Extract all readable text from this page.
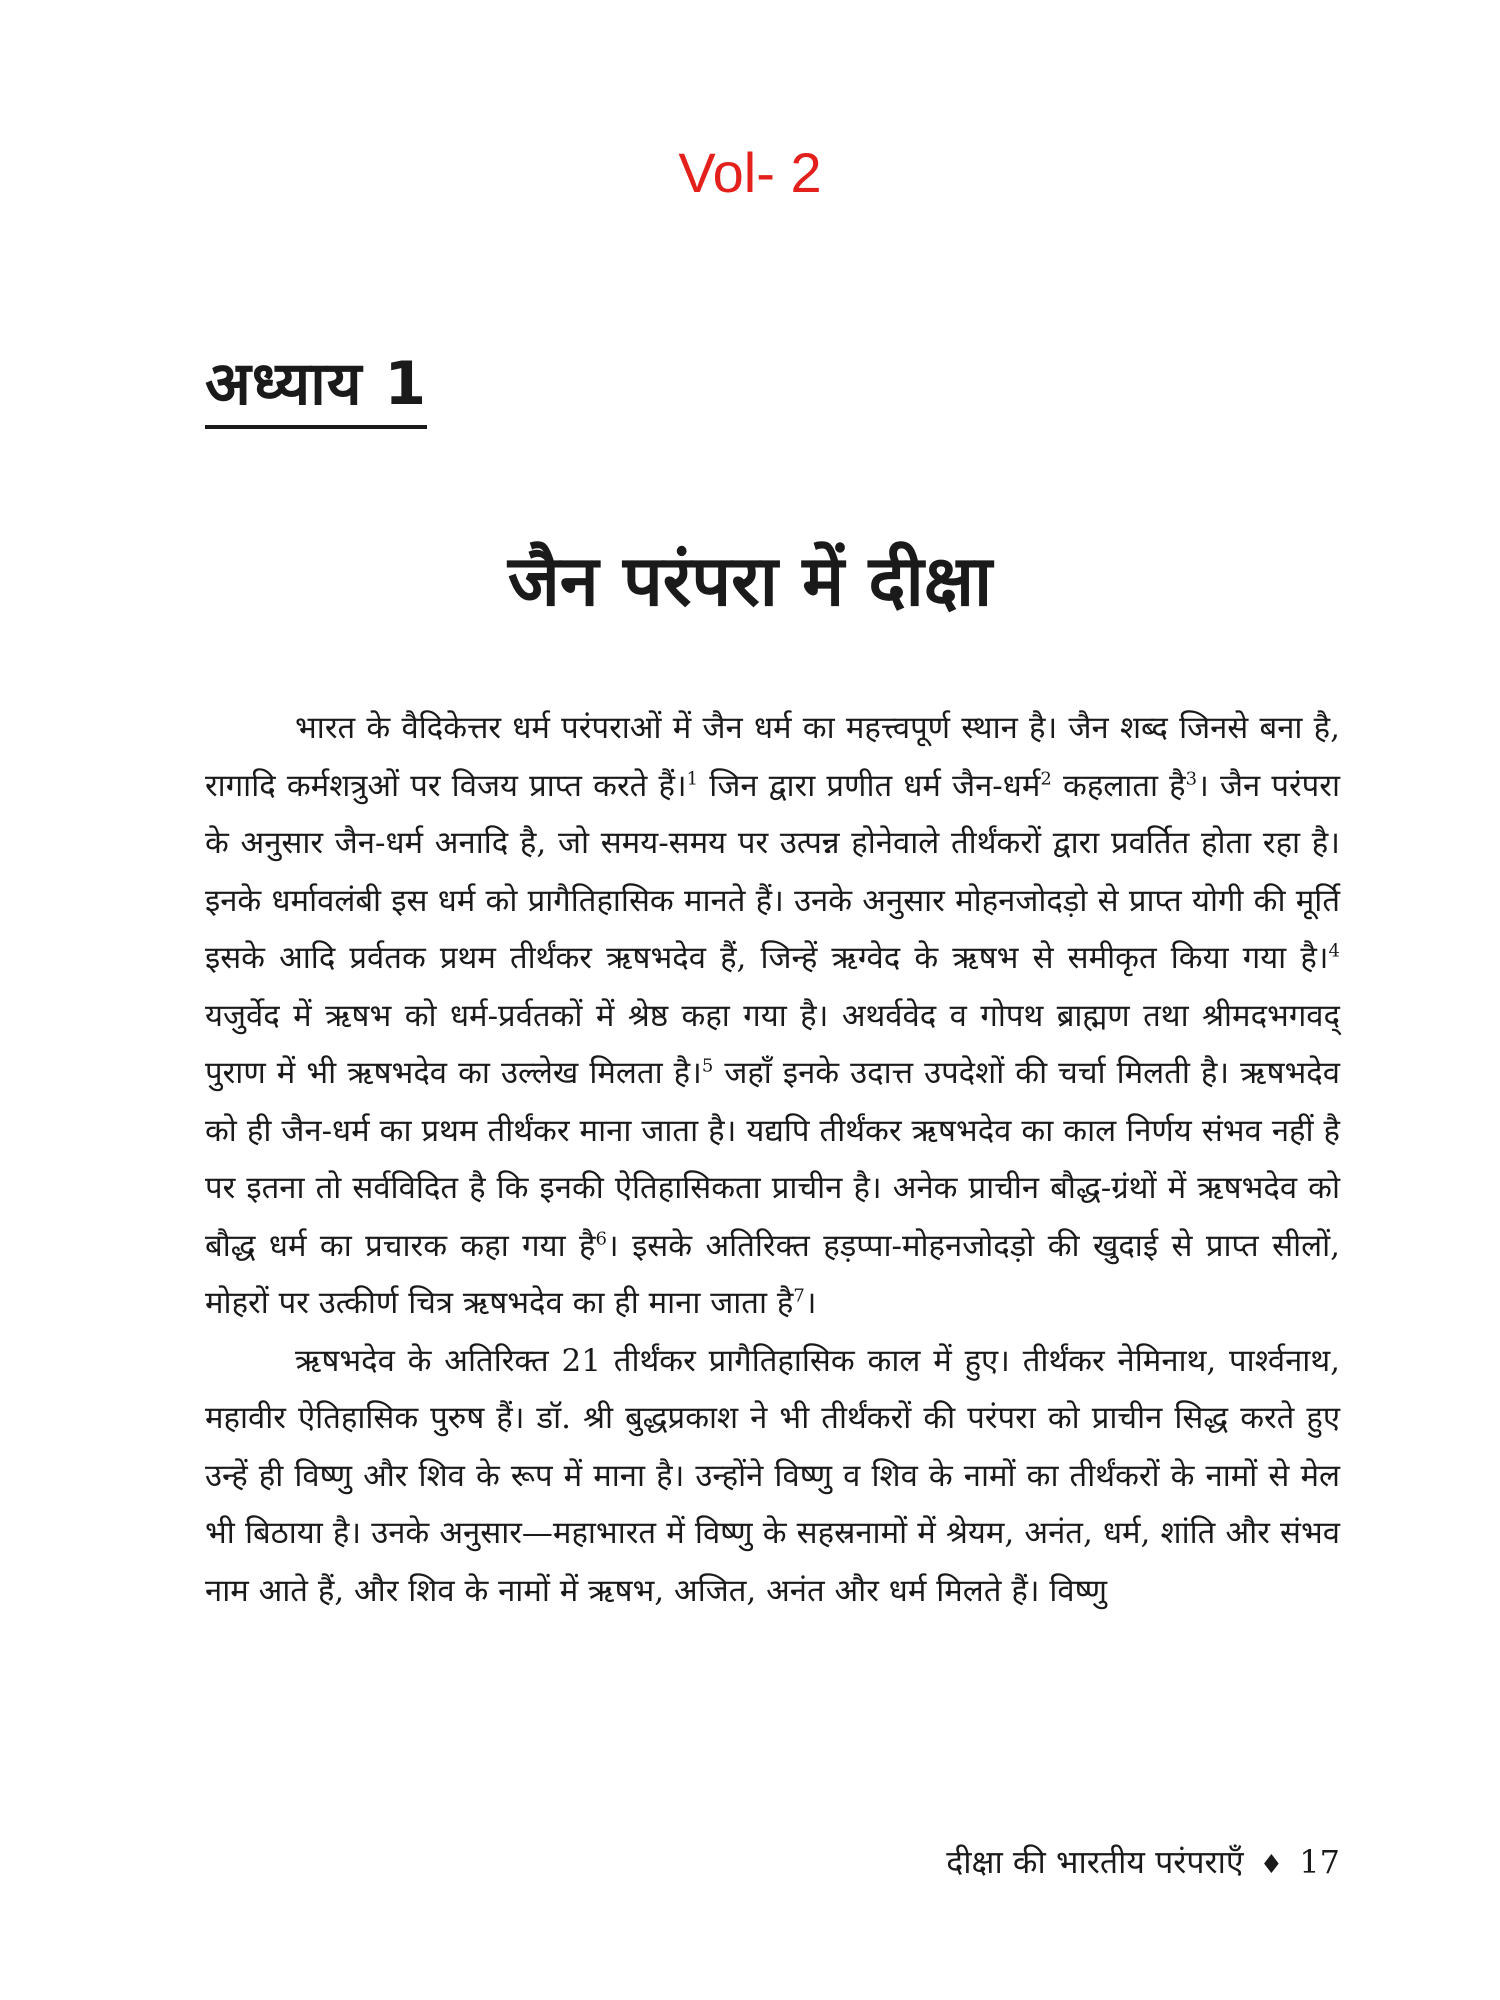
Vol- 2
अध्याय 1
जैन परंपरा में दीक्षा

भारत के वैदिकेत्तर धर्म परंपराओं में जैन धर्म का महत्त्वपूर्ण स्थान है। जैन शब्द जिनसे बना है, रागादि कर्मशत्रुओं पर विजय प्राप्त करते हैं।$^1$ जिन द्वारा प्रणीत धर्म जैन-धर्म$^2$ कहलाता है$^3$। जैन परंपरा के अनुसार जैन-धर्म अनादि है, जो समय-समय पर उत्पन्न होनेवाले तीर्थंकरों द्वारा प्रवर्तित होता रहा है। इनके धर्मावलंबी इस धर्म को प्रागैतिहासिक मानते हैं। उनके अनुसार मोहनजोदड़ो से प्राप्त योगी की मूर्ति इसके आदि प्रर्वतक प्रथम तीर्थंकर ऋषभदेव हैं, जिन्हें ऋग्वेद के ऋषभ से समीकृत किया गया है।$^4$ यजुर्वेद में ऋषभ को धर्म-प्रर्वतकों में श्रेष्ठ कहा गया है। अथर्ववेद व गोपथ ब्राह्मण तथा श्रीमदभगवद् पुराण में भी ऋषभदेव का उल्लेख मिलता है।$^5$ जहाँ इनके उदात्त उपदेशों की चर्चा मिलती है। ऋषभदेव को ही जैन-धर्म का प्रथम तीर्थंकर माना जाता है। यद्यपि तीर्थंकर ऋषभदेव का काल निर्णय संभव नहीं है पर इतना तो सर्वविदित है कि इनकी ऐतिहासिकता प्राचीन है। अनेक प्राचीन बौद्ध-ग्रंथों में ऋषभदेव को बौद्ध धर्म का प्रचारक कहा गया है$^6$। इसके अतिरिक्त हड़प्पा-मोहनजोदड़ो की खुदाई से प्राप्त सीलों, मोहरों पर उत्कीर्ण चित्र ऋषभदेव का ही माना जाता है$^7$।

ऋषभदेव के अतिरिक्त 21 तीर्थंकर प्रागैतिहासिक काल में हुए। तीर्थंकर नेमिनाथ, पार्श्वनाथ, महावीर ऐतिहासिक पुरुष हैं। डॉ. श्री बुद्धप्रकाश ने भी तीर्थंकरों की परंपरा को प्राचीन सिद्ध करते हुए उन्हें ही विष्णु और शिव के रूप में माना है। उन्होंने विष्णु व शिव के नामों का तीर्थंकरों के नामों से मेल भी बिठाया है। उनके अनुसार—महाभारत में विष्णु के सहस्रनामों में श्रेयम, अनंत, धर्म, शांति और संभव नाम आते हैं, और शिव के नामों में ऋषभ, अजित, अनंत और धर्म मिलते हैं। विष्णु

दीक्षा की भारतीय परंपराएँ ♦ 17
